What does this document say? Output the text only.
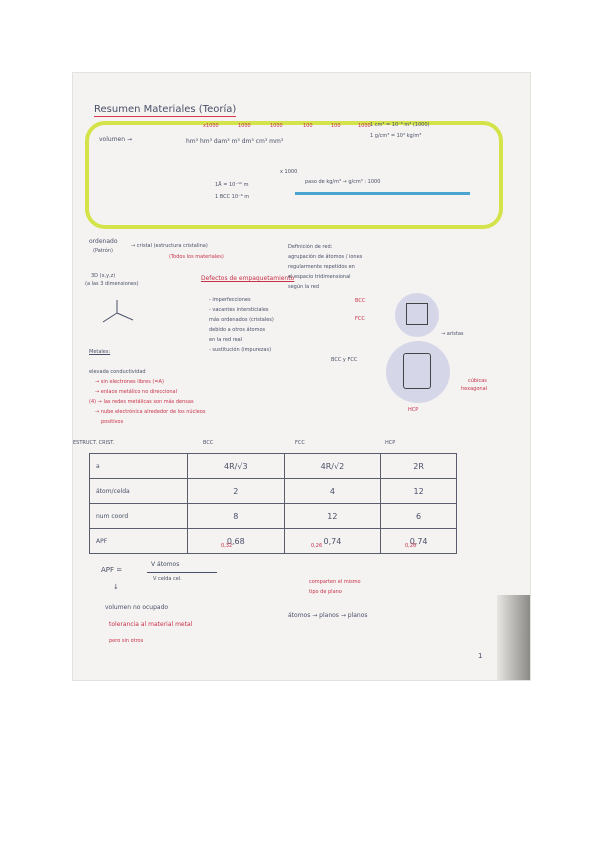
Resumen Materiales (Teoría)
volumen →
x1000	1000	1000	100	100	1000
hm³ hm³ dam³ m³ dm³ cm³ mm³
1 cm³ = 10⁻⁶ m³ (1000)
1 g/cm³ = 10³ kg/m³
x 1000
1Å = 10⁻¹⁰ m
1 BCC 10⁻⁹ m
paso de kg/m³ → g/cm³ : 1000
ordenado
(Patrón)
→ cristal (estructura cristalina)
(Todos los materiales)
3D (x,y,z)
(a las 3 dimensiones)
Defectos de empaquetamiento
- imperfecciones
- vacantes intersticiales
más ordenados (cristales)
debido a otros átomos
en la red real
- sustitución (impurezas)
Definición de red:
agrupación de átomos / iones
regularmente repetidos en
el espacio tridimensional
según la red
BCC
FCC
→ aristas
BCC y FCC
HCP
cúbicas
hexagonal
Metales:
elevada conductividad
→ sin electrones libres (=A)
→ enlace metálico no direccional
(4) → las redes metálicas son más densas
→ nube electrónica alrededor de los núcleos
positivos
ESTRUCT. CRIST.	BCC	FCC	HCP
a	4R/√3	4R/√2	2R
átom/celda	2	4	12
num coord	8	12	6
APF	0,68	0,74	0,74
0,32	0,26	0,26
APF =
V átomos
V celda cel.
↓
volumen no ocupado
tolerancia al material metal
pero sin otros
comparten el mismo
tipo de plano
átomos → planos → planos
1
